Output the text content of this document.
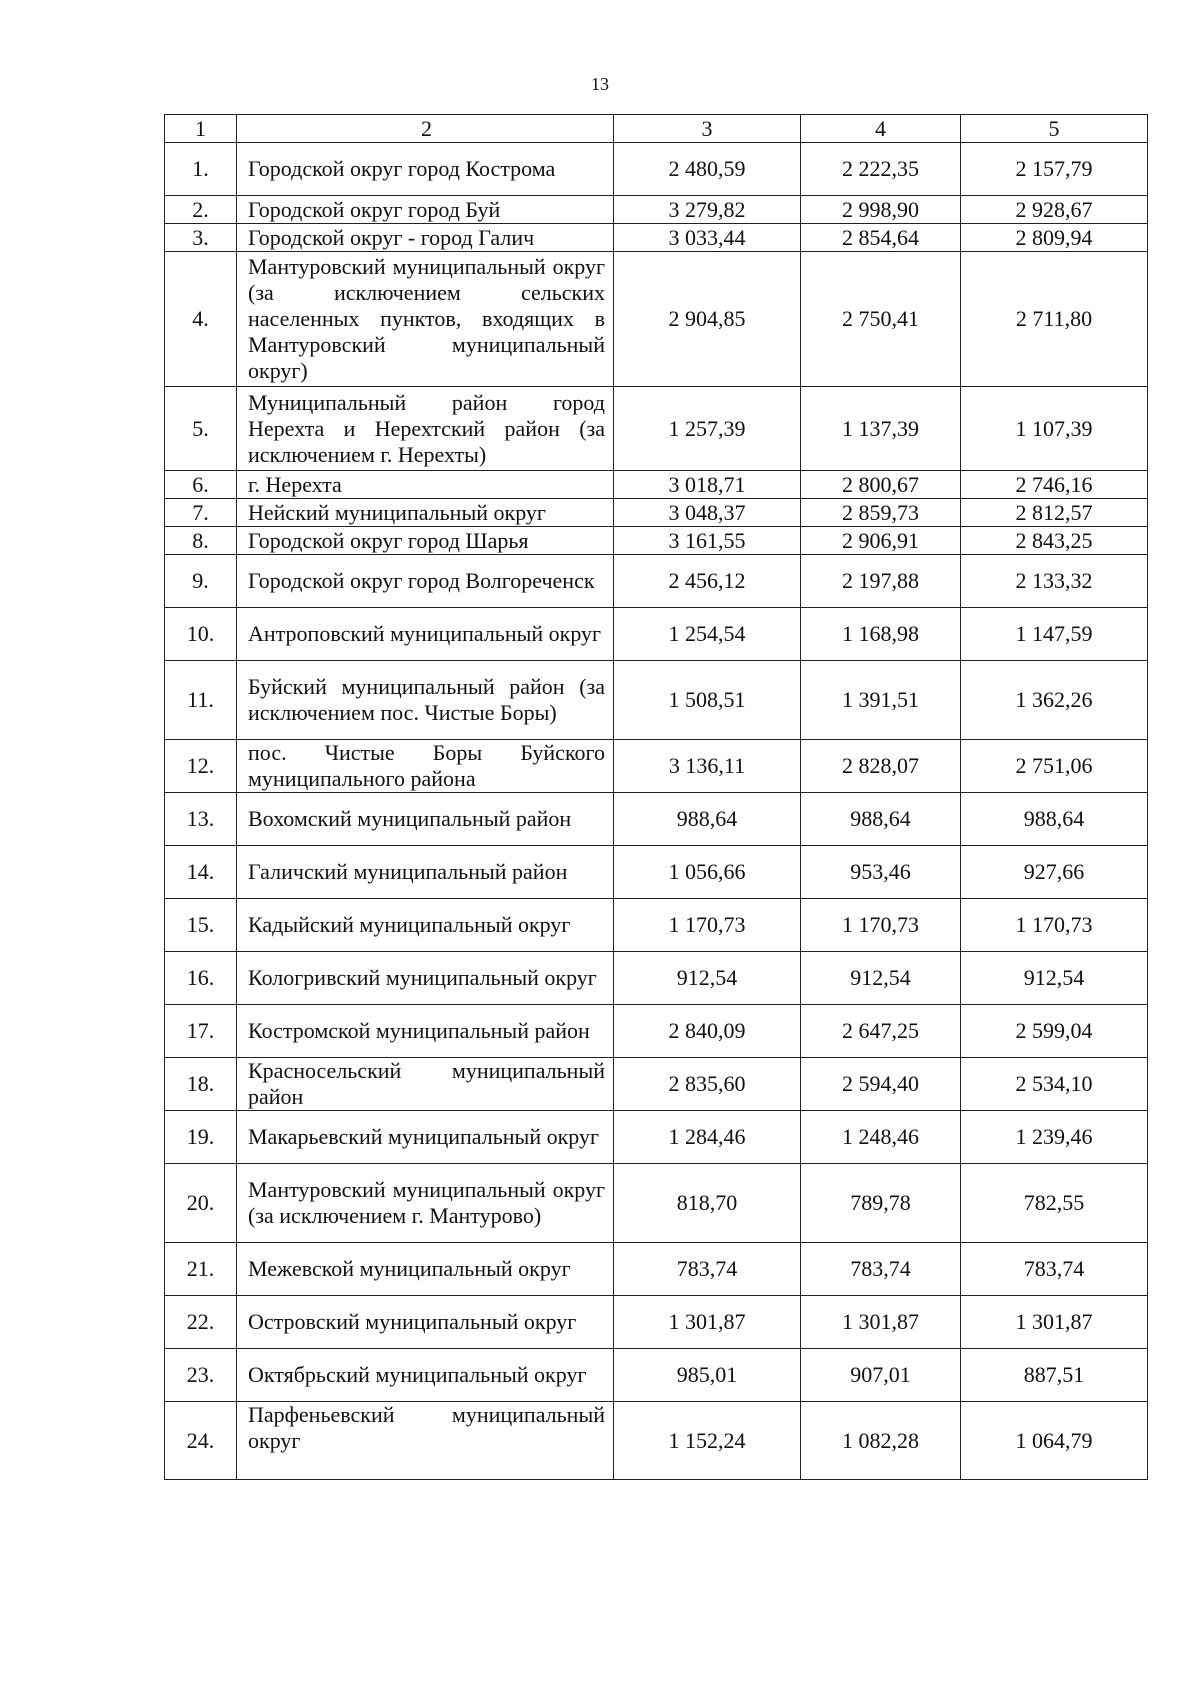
13
1	2	3	4	5
1.	Городской округ город Кострома	2 480,59	2 222,35	2 157,79
2.	Городской округ город Буй	3 279,82	2 998,90	2 928,67
3.	Городской округ - город Галич	3 033,44	2 854,64	2 809,94
4.	Мантуровский муниципальный округ (за исключением сельских населенных пунктов, входящих в Мантуровский муниципальный округ)	2 904,85	2 750,41	2 711,80
5.	Муниципальный район город Нерехта и Нерехтский район (за исключением г. Нерехты)	1 257,39	1 137,39	1 107,39
6.	г. Нерехта	3 018,71	2 800,67	2 746,16
7.	Нейский муниципальный округ	3 048,37	2 859,73	2 812,57
8.	Городской округ город Шарья	3 161,55	2 906,91	2 843,25
9.	Городской округ город Волгореченск	2 456,12	2 197,88	2 133,32
10.	Антроповский муниципальный округ	1 254,54	1 168,98	1 147,59
11.	Буйский муниципальный район (за исключением пос. Чистые Боры)	1 508,51	1 391,51	1 362,26
12.	пос. Чистые Боры Буйского муниципального района	3 136,11	2 828,07	2 751,06
13.	Вохомский муниципальный район	988,64	988,64	988,64
14.	Галичский муниципальный район	1 056,66	953,46	927,66
15.	Кадыйский муниципальный округ	1 170,73	1 170,73	1 170,73
16.	Кологривский муниципальный округ	912,54	912,54	912,54
17.	Костромской муниципальный район	2 840,09	2 647,25	2 599,04
18.	Красносельский муниципальный район	2 835,60	2 594,40	2 534,10
19.	Макарьевский муниципальный округ	1 284,46	1 248,46	1 239,46
20.	Мантуровский муниципальный округ (за исключением г. Мантурово)	818,70	789,78	782,55
21.	Межевской муниципальный округ	783,74	783,74	783,74
22.	Островский муниципальный округ	1 301,87	1 301,87	1 301,87
23.	Октябрьский муниципальный округ	985,01	907,01	887,51
24.	Парфеньевский муниципальный округ	1 152,24	1 082,28	1 064,79
